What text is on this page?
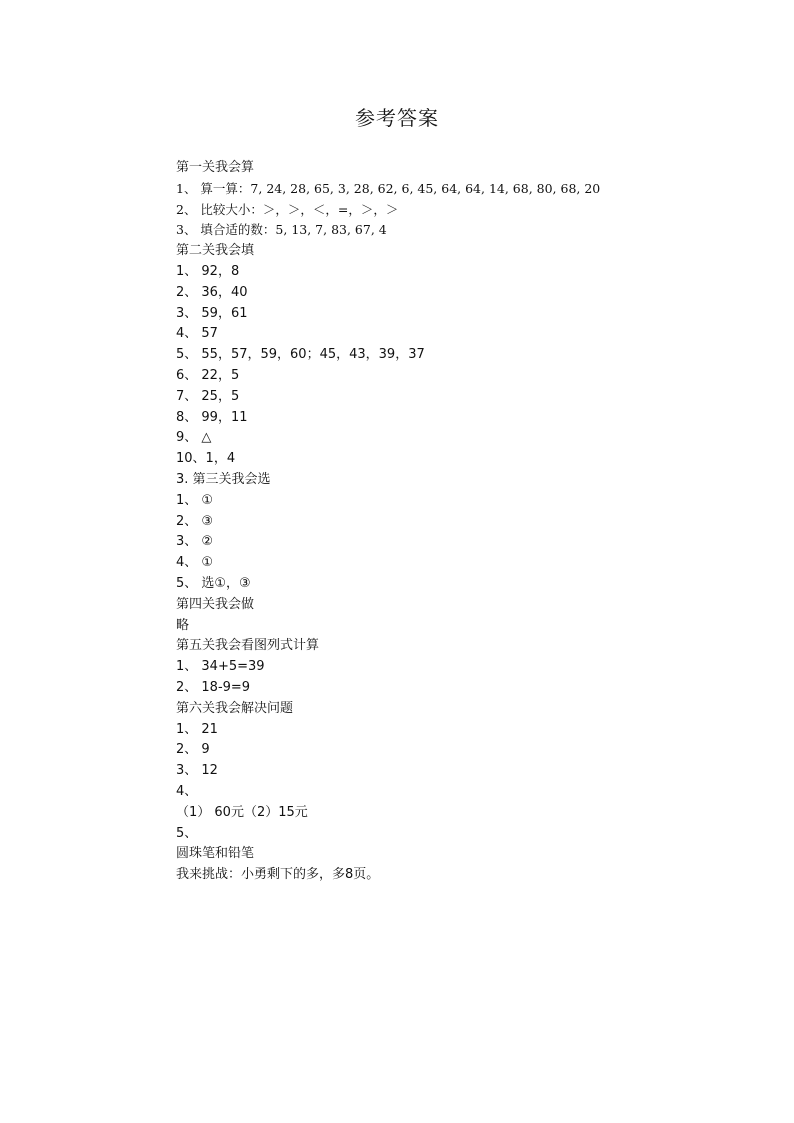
参考答案
第一关我会算
1、 算一算：7, 24, 28, 65, 3, 28, 62, 6, 45, 64, 64, 14, 68, 80, 68, 20
2、 比较大小：＞，＞，＜，=，＞，＞
3、 填合适的数：5, 13, 7, 83, 67, 4
第二关我会填
1、 92，8
2、 36，40
3、 59，61
4、 57
5、 55，57，59，60；45，43，39，37
6、 22，5
7、 25，5
8、 99，11
9、 △
10、1，4
3. 第三关我会选
1、 ①
2、 ③
3、 ②
4、 ①
5、 选①，③
第四关我会做
略
第五关我会看图列式计算
1、 34+5=39
2、 18-9=9
第六关我会解决问题
1、 21
2、 9
3、 12
4、
（1） 60元（2）15元
5、
圆珠笔和铅笔
我来挑战：小勇剩下的多，多8页。
